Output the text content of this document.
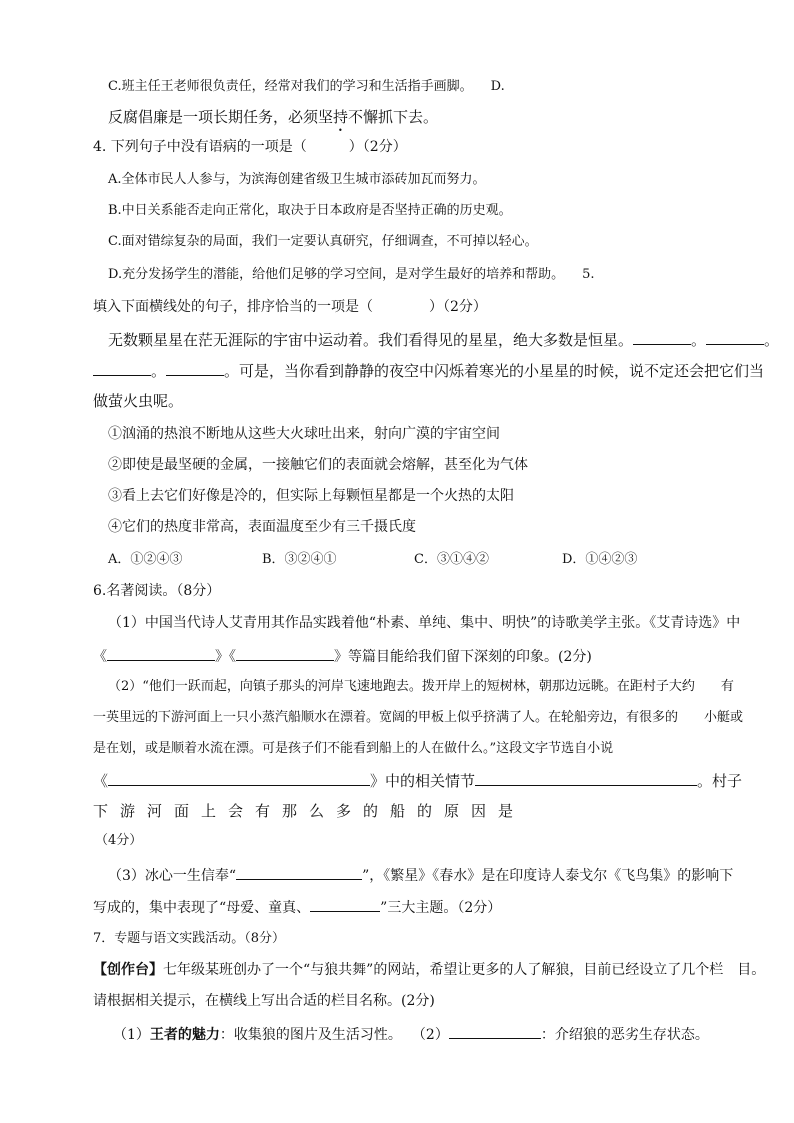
C.班主任王老师很负责任，经常对我们的学习和生活指手画脚。 D.
反腐倡廉是一项长期任务，必须坚持不懈抓下去。
4. 下列句子中没有语病的一项是（　　　）（2分）
A.全体市民人人参与，为滨海创建省级卫生城市添砖加瓦而努力。
B.中日关系能否走向正常化，取决于日本政府是否坚持正确的历史观。
C.面对错综复杂的局面，我们一定要认真研究，仔细调查，不可掉以轻心。
D.充分发扬学生的潜能，给他们足够的学习空间，是对学生最好的培养和帮助。 5.
填入下面横线处的句子，排序恰当的一项是（　　　　）（2分）
无数颗星星在茫无涯际的宇宙中运动着。我们看得见的星星，绝大多数是恒星。	。	。
。	。可是，当你看到静静的夜空中闪烁着寒光的小星星的时候，说不定还会把它们当
做萤火虫呢。
①汹涌的热浪不断地从这些大火球吐出来，射向广漠的宇宙空间
②即使是最坚硬的金属，一接触它们的表面就会熔解，甚至化为气体
③看上去它们好像是冷的，但实际上每颗恒星都是一个火热的太阳
④它们的热度非常高，表面温度至少有三千摄氏度
A．①②④③	B．③②④①	C．③①④②	D．①④②③
6.名著阅读。（8分）
（1）中国当代诗人艾青用其作品实践着他“朴素、单纯、集中、明快”的诗歌美学主张。《艾青诗选》中
《	》《	》等篇目能给我们留下深刻的印象。(2分)
（2）“他们一跃而起，向镇子那头的河岸飞速地跑去。拨开岸上的短树林，朝那边远眺。在距村子大约　　有
一英里远的下游河面上一只小蒸汽船顺水在漂着。宽阔的甲板上似乎挤满了人。在轮船旁边，有很多的　　小艇或
是在划，或是顺着水流在漂。可是孩子们不能看到船上的人在做什么。”这段文字节选自小说
《	》中的相关情节	。村子
下游河面上会有那么多的船的原因是
（4分）
（3）冰心一生信奉“	”，《繁星》《春水》是在印度诗人泰戈尔《飞鸟集》的影响下
写成的，集中表现了“母爱、童真、	”三大主题。（2分）
7．专题与语文实践活动。（8分）
【创作台】七年级某班创办了一个“与狼共舞”的网站，希望让更多的人了解狼，目前已经设立了几个栏　目。
请根据相关提示，在横线上写出合适的栏目名称。(2分)
（1）王者的魅力：收集狼的图片及生活习性。 （2）	：介绍狼的恶劣生存状态。
